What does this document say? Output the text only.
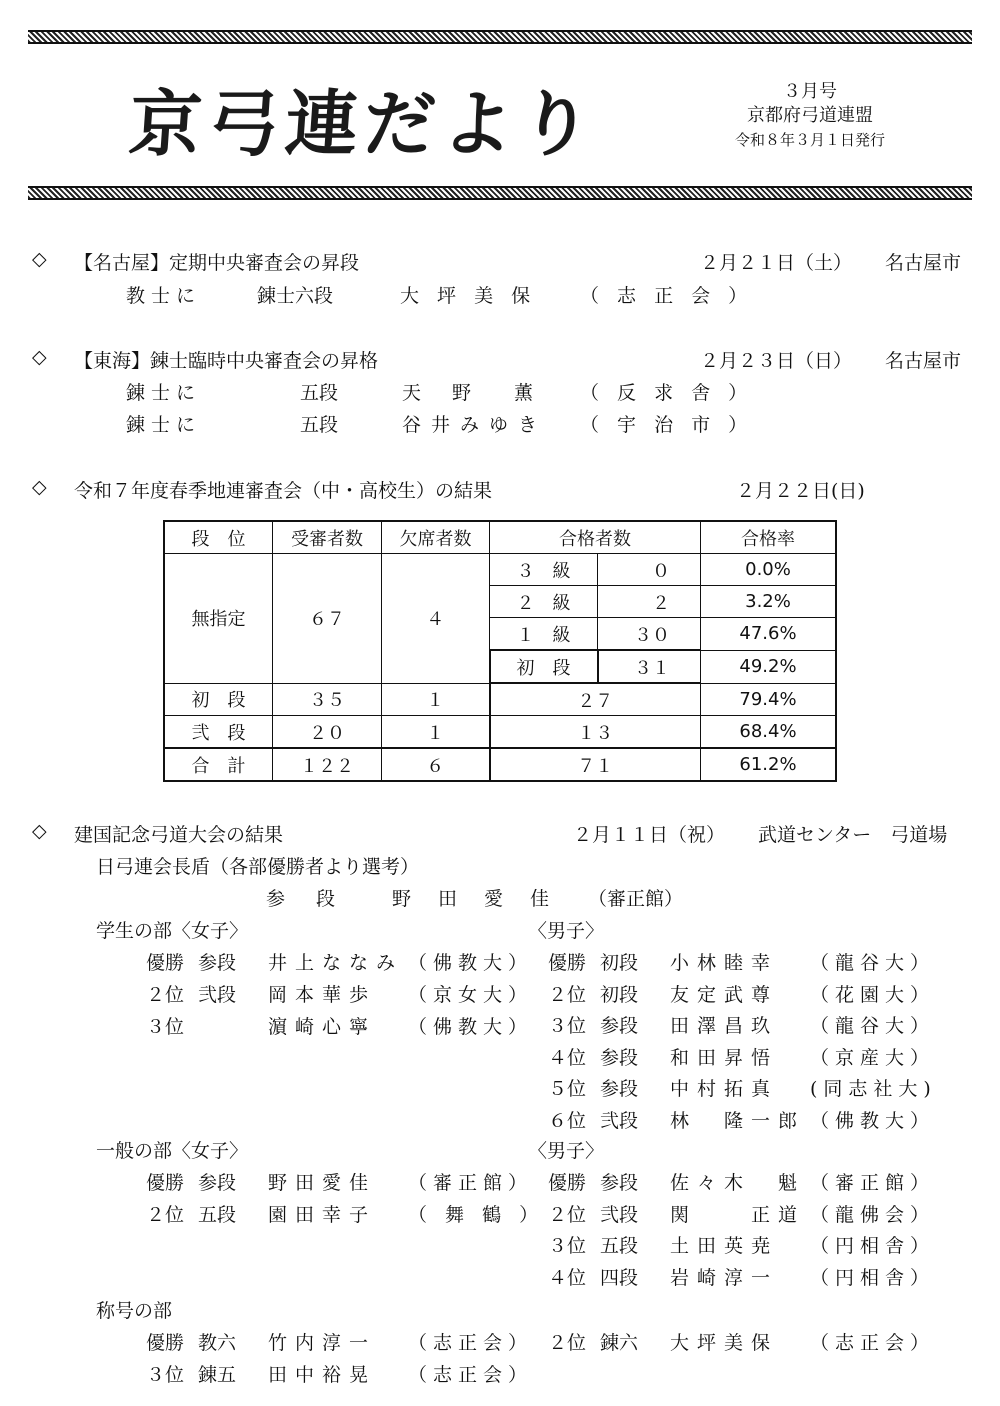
京弓連だより	３月号
京都府弓道連盟
令和８年３月１日発行
◇ 【名古屋】定期中央審査会の昇段	２月２１日（土） 名古屋市
教士に	錬士六段	大 坪 美 保 （ 志 正 会 ）
◇ 【東海】錬士臨時中央審査会の昇格	２月２３日（日） 名古屋市
錬士に	五段	天　野　 薫 （ 反 求 舎 ）
錬士に	五段	谷井みゆき （ 宇 治 市 ）
◇ 令和７年度春季地連審査会（中・高校生）の結果	２月２２日(日)
段　位	受審者数	欠席者数	合格者数		合格率
無指定	６７	４	３　級	０	0.0%
			２　級	２	3.2%
			１　級	３０	47.6%
			初　段	３１	49.2%
初　段	３５	１	２７		79.4%
弐　段	２０	１	１３		68.4%
合　計	１２２	６	７１		61.2%
◇ 建国記念弓道大会の結果	２月１１日（祝） 武道センター　弓道場
日弓連会長盾（各部優勝者より選考）
参　段	野　田　愛　佳 （審正館）
学生の部〈女子〉	〈男子〉
優勝 参段 井上ななみ （佛教大）
２位 弐段 岡本華歩 （京女大）
３位	濵崎心寧 （佛教大）
優勝 初段 小林睦幸 （龍谷大）
２位 初段 友定武尊 （花園大）
３位 参段 田澤昌玖 （龍谷大）
４位 参段 和田昇悟 （京産大）
５位 参段 中村拓真 (同志社大)
６位 弐段 林　隆一郎 （佛教大）
一般の部〈女子〉	〈男子〉
優勝 参段 野田愛佳 （審正館）
２位 五段 園田幸子 （ 舞 鶴 ）
優勝 参段 佐々木　魁 （審正館）
２位 弐段 関　　正道 （龍佛会）
３位 五段 土田英尭 （円相舎）
４位 四段 岩崎淳一 （円相舎）
称号の部
優勝 教六 竹内淳一 （志正会）
３位 錬五 田中裕晃 （志正会）
２位 錬六 大坪美保 （志正会）
